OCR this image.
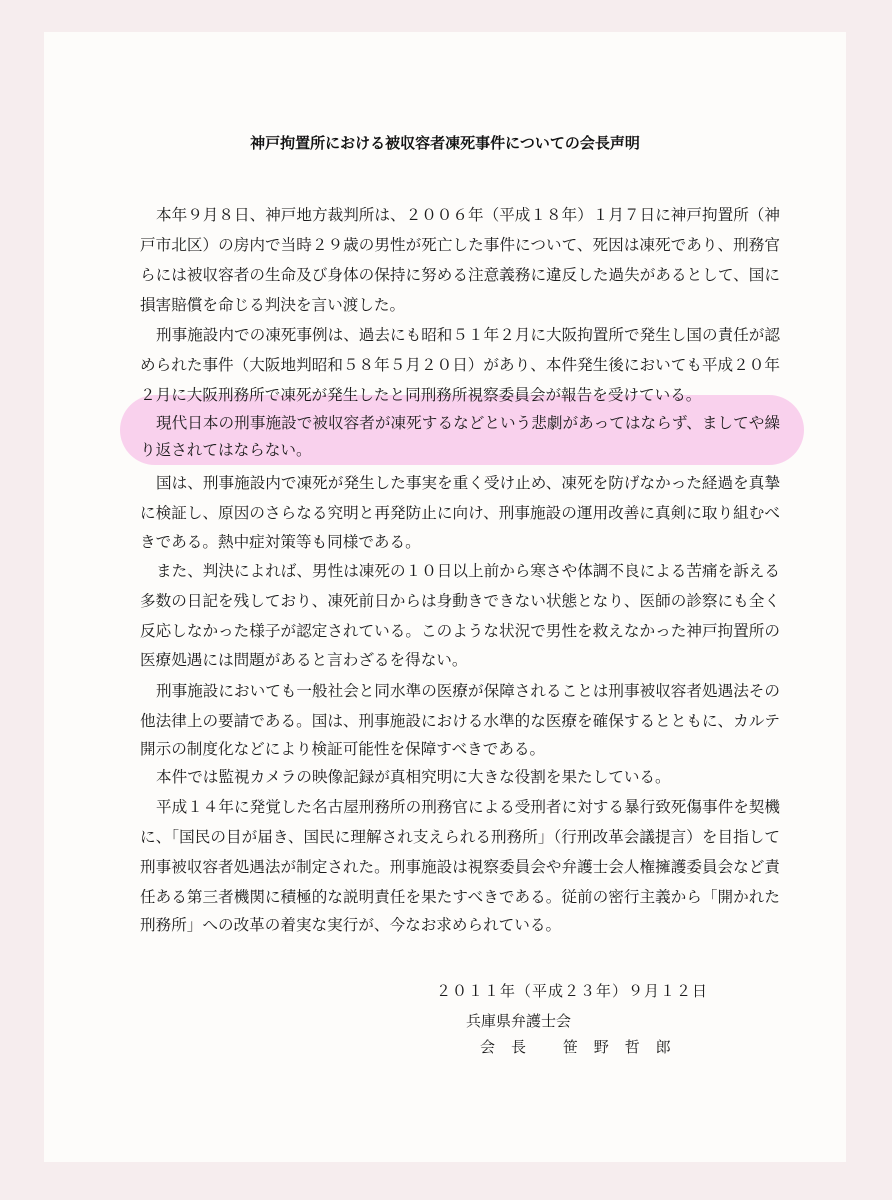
神戸拘置所における被収容者凍死事件についての会長声明
本年９月８日、神戸地方裁判所は、２００６年（平成１８年）１月７日に神戸拘置所（神
戸市北区）の房内で当時２９歳の男性が死亡した事件について、死因は凍死であり、刑務官
らには被収容者の生命及び身体の保持に努める注意義務に違反した過失があるとして、国に
損害賠償を命じる判決を言い渡した。
刑事施設内での凍死事例は、過去にも昭和５１年２月に大阪拘置所で発生し国の責任が認
められた事件（大阪地判昭和５８年５月２０日）があり、本件発生後においても平成２０年
２月に大阪刑務所で凍死が発生したと同刑務所視察委員会が報告を受けている。
現代日本の刑事施設で被収容者が凍死するなどという悲劇があってはならず、ましてや繰
り返されてはならない。
国は、刑事施設内で凍死が発生した事実を重く受け止め、凍死を防げなかった経過を真摯
に検証し、原因のさらなる究明と再発防止に向け、刑事施設の運用改善に真剣に取り組むべ
きである。熱中症対策等も同様である。
また、判決によれば、男性は凍死の１０日以上前から寒さや体調不良による苦痛を訴える
多数の日記を残しており、凍死前日からは身動きできない状態となり、医師の診察にも全く
反応しなかった様子が認定されている。このような状況で男性を救えなかった神戸拘置所の
医療処遇には問題があると言わざるを得ない。
刑事施設においても一般社会と同水準の医療が保障されることは刑事被収容者処遇法その
他法律上の要請である。国は、刑事施設における水準的な医療を確保するとともに、カルテ
開示の制度化などにより検証可能性を保障すべきである。
本件では監視カメラの映像記録が真相究明に大きな役割を果たしている。
平成１４年に発覚した名古屋刑務所の刑務官による受刑者に対する暴行致死傷事件を契機
に、「国民の目が届き、国民に理解され支えられる刑務所」（行刑改革会議提言）を目指して
刑事被収容者処遇法が制定された。刑事施設は視察委員会や弁護士会人権擁護委員会など責
任ある第三者機関に積極的な説明責任を果たすべきである。従前の密行主義から「開かれた
刑務所」への改革の着実な実行が、今なお求められている。
２０１１年（平成２３年）９月１２日
兵庫県弁護士会
会長 笹野哲郎
